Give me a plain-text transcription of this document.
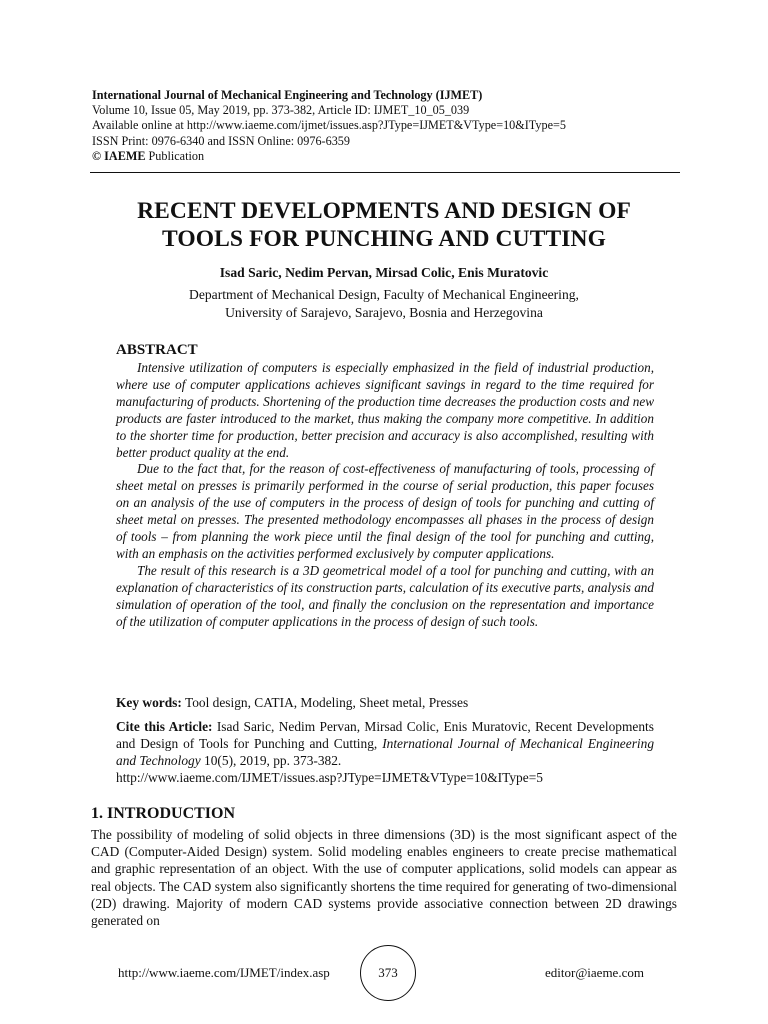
International Journal of Mechanical Engineering and Technology (IJMET)
Volume 10, Issue 05, May 2019, pp. 373-382, Article ID: IJMET_10_05_039
Available online at http://www.iaeme.com/ijmet/issues.asp?JType=IJMET&VType=10&IType=5
ISSN Print: 0976-6340 and ISSN Online: 0976-6359
© IAEME Publication
RECENT DEVELOPMENTS AND DESIGN OF
TOOLS FOR PUNCHING AND CUTTING
Isad Saric, Nedim Pervan, Mirsad Colic, Enis Muratovic
Department of Mechanical Design, Faculty of Mechanical Engineering,
University of Sarajevo, Sarajevo, Bosnia and Herzegovina
ABSTRACT

Intensive utilization of computers is especially emphasized in the field of industrial production, where use of computer applications achieves significant savings in regard to the time required for manufacturing of products. Shortening of the production time decreases the production costs and new products are faster introduced to the market, thus making the company more competitive. In addition to the shorter time for production, better precision and accuracy is also accomplished, resulting with better product quality at the end.

Due to the fact that, for the reason of cost-effectiveness of manufacturing of tools, processing of sheet metal on presses is primarily performed in the course of serial production, this paper focuses on an analysis of the use of computers in the process of design of tools for punching and cutting of sheet metal on presses. The presented methodology encompasses all phases in the process of design of tools – from planning the work piece until the final design of the tool for punching and cutting, with an emphasis on the activities performed exclusively by computer applications.

The result of this research is a 3D geometrical model of a tool for punching and cutting, with an explanation of characteristics of its construction parts, calculation of its executive parts, analysis and simulation of operation of the tool, and finally the conclusion on the representation and importance of the utilization of computer applications in the process of design of such tools.

Key words: Tool design, CATIA, Modeling, Sheet metal, Presses
Cite this Article: Isad Saric, Nedim Pervan, Mirsad Colic, Enis Muratovic, Recent Developments and Design of Tools for Punching and Cutting, International Journal of Mechanical Engineering and Technology 10(5), 2019, pp. 373-382.
http://www.iaeme.com/IJMET/issues.asp?JType=IJMET&VType=10&IType=5
1. INTRODUCTION

The possibility of modeling of solid objects in three dimensions (3D) is the most significant aspect of the CAD (Computer-Aided Design) system. Solid modeling enables engineers to create precise mathematical and graphic representation of an object. With the use of computer applications, solid models can appear as real objects. The CAD system also significantly shortens the time required for generating of two-dimensional (2D) drawing. Majority of modern CAD systems provide associative connection between 2D drawings generated on

http://www.iaeme.com/IJMET/index.asp	373	editor@iaeme.com
